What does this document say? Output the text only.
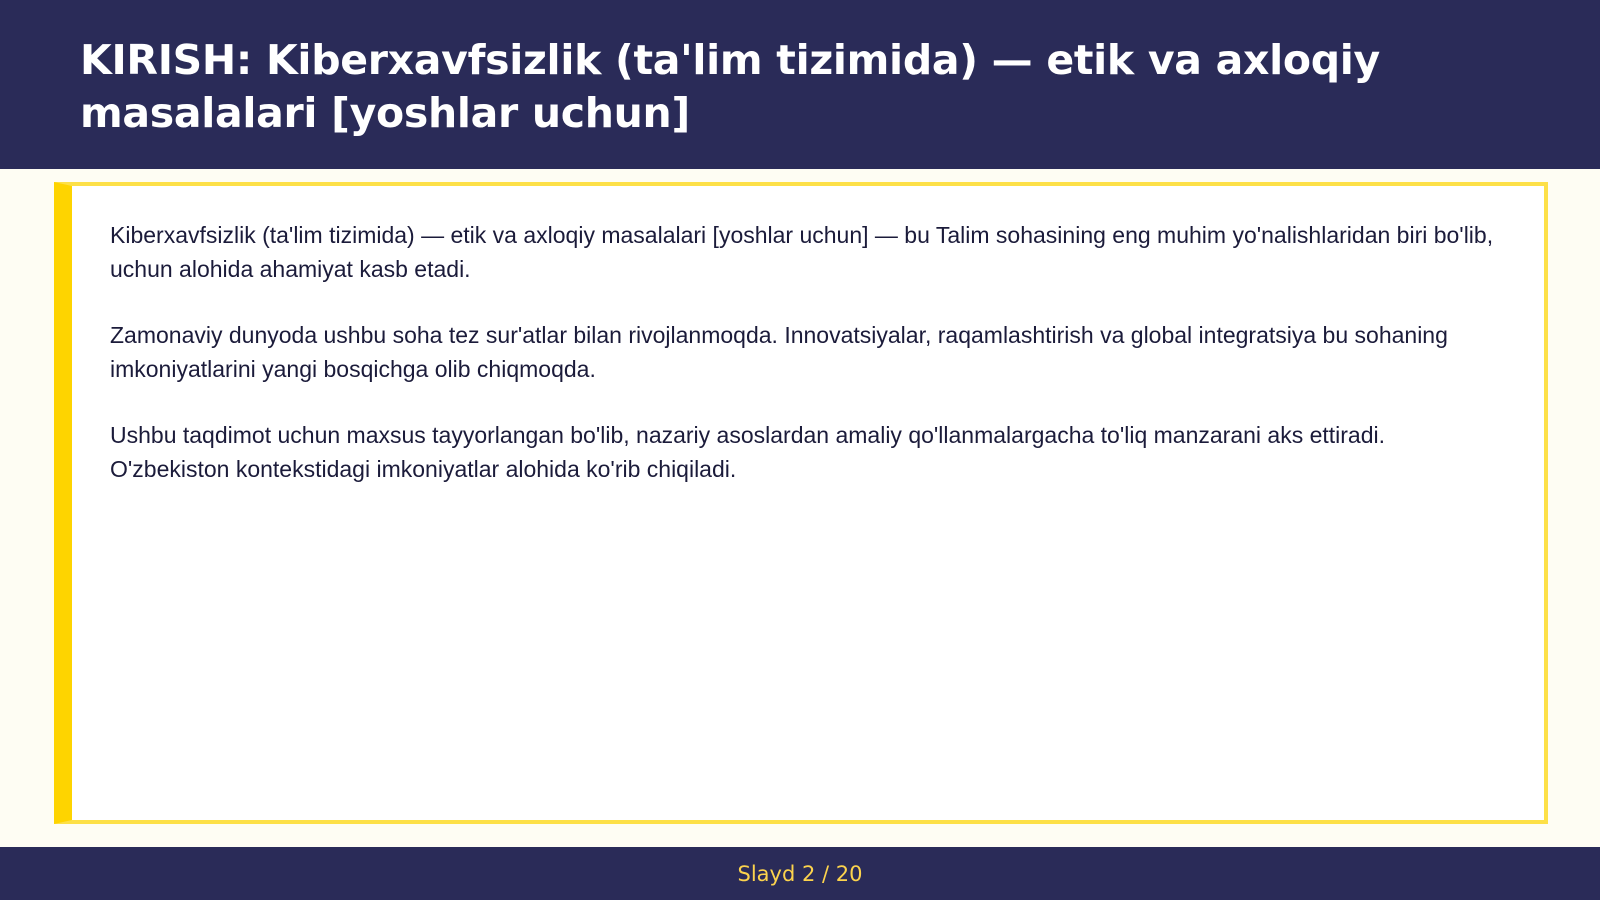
KIRISH: Kiberxavfsizlik (ta'lim tizimida) — etik va axloqiy masalalari [yoshlar uchun]

Kiberxavfsizlik (ta'lim tizimida) — etik va axloqiy masalalari [yoshlar uchun] — bu Talim sohasining eng muhim yo'nalishlaridan biri bo'lib, uchun alohida ahamiyat kasb etadi.

Zamonaviy dunyoda ushbu soha tez sur'atlar bilan rivojlanmoqda. Innovatsiyalar, raqamlashtirish va global integratsiya bu sohaning imkoniyatlarini yangi bosqichga olib chiqmoqda.

Ushbu taqdimot uchun maxsus tayyorlangan bo'lib, nazariy asoslardan amaliy qo'llanmalargacha to'liq manzarani aks ettiradi. O'zbekiston kontekstidagi imkoniyatlar alohida ko'rib chiqiladi.

Slayd 2 / 20
